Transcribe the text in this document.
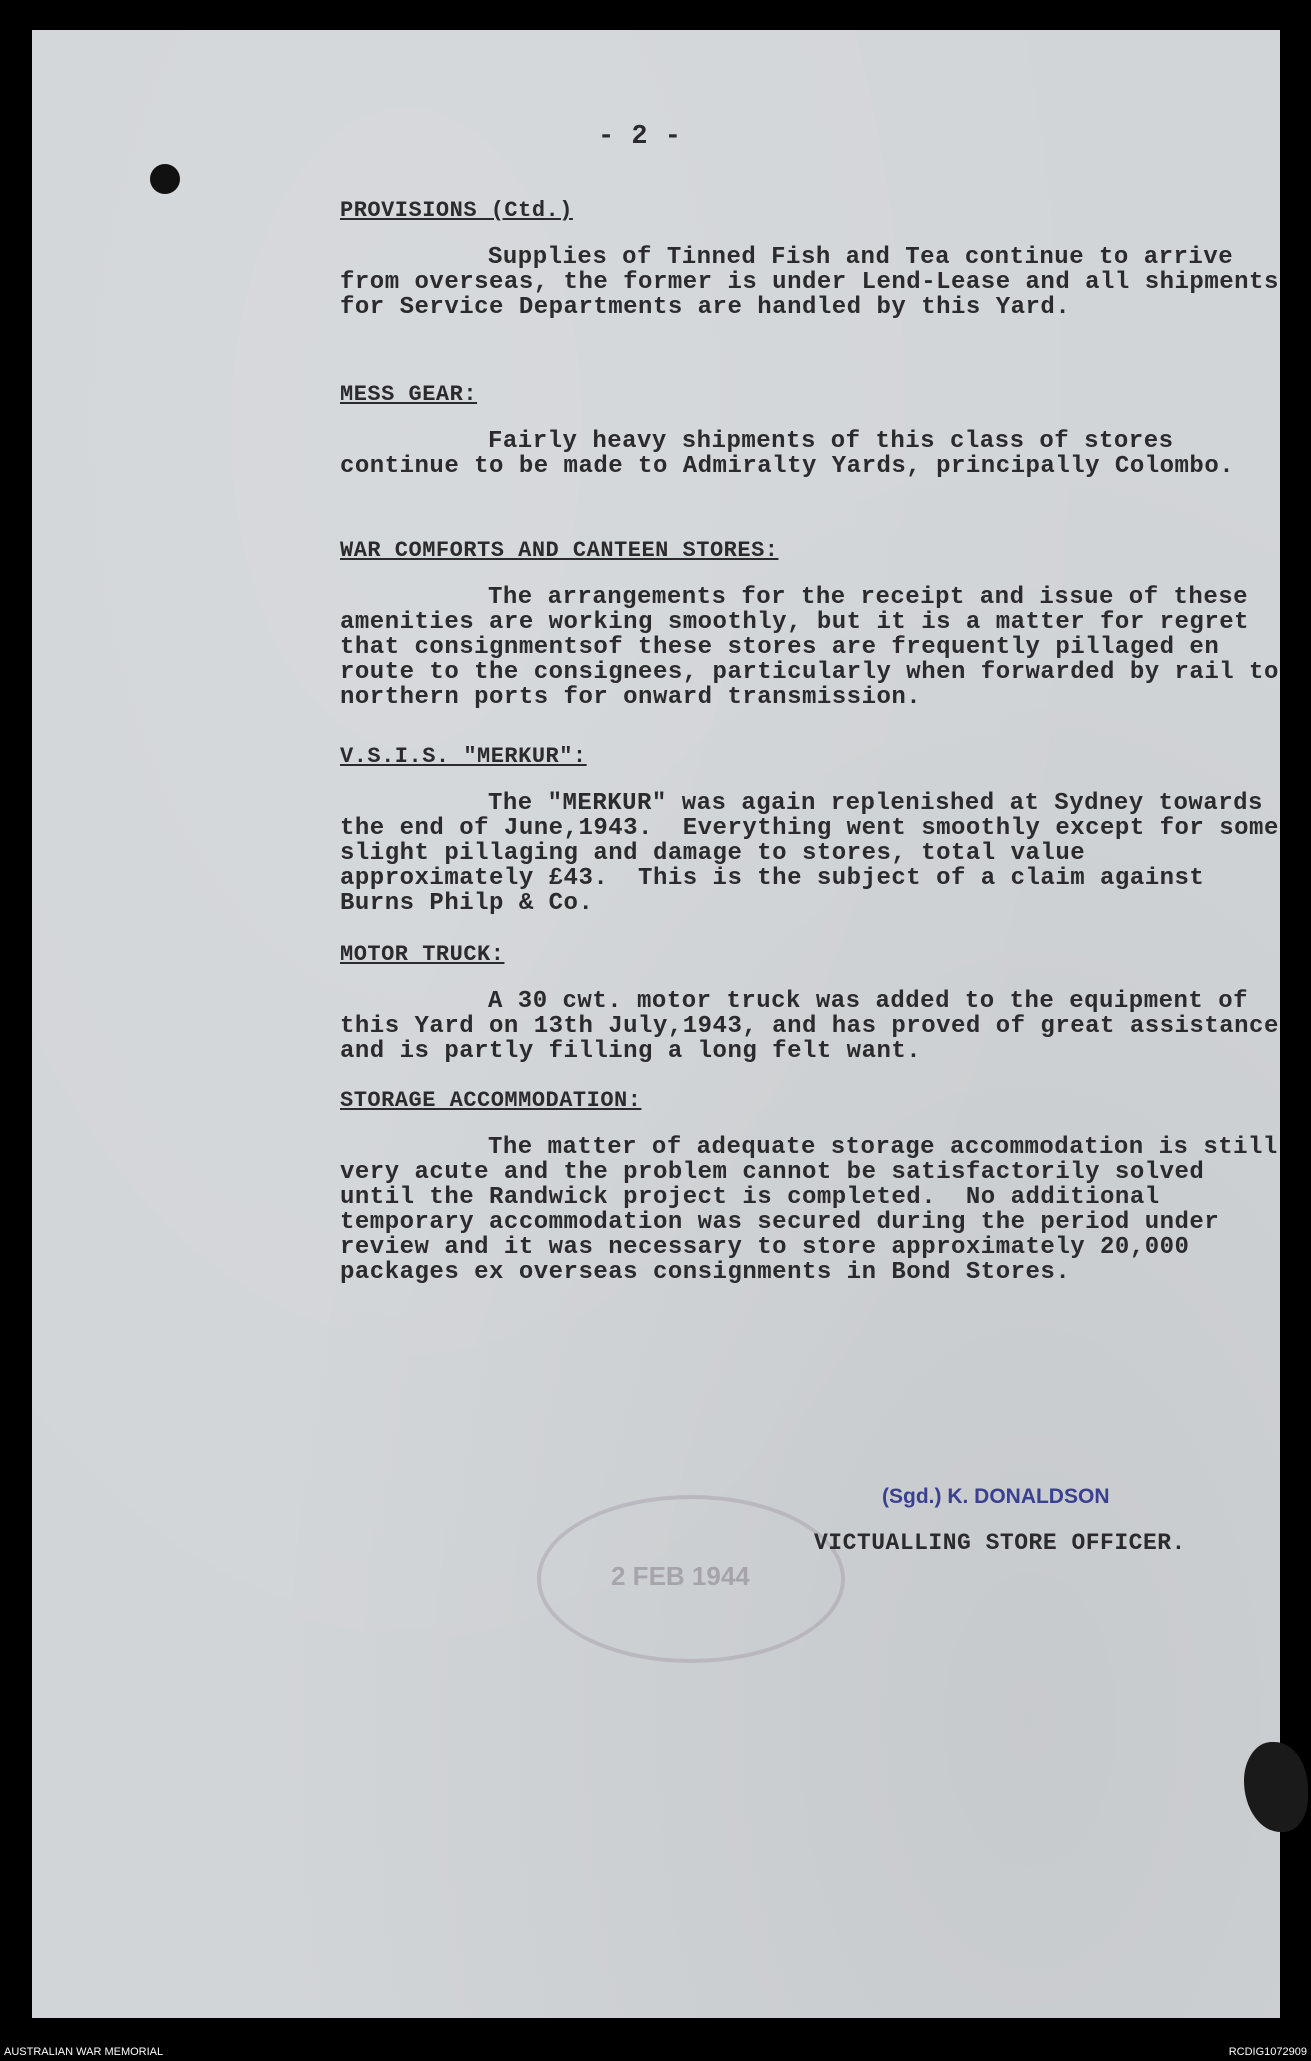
- 2 -
PROVISIONS (Ctd.)

Supplies of Tinned Fish and Tea continue to arrive from overseas, the former is under Lend-Lease and all shipments for Service Departments are handled by this Yard.

MESS GEAR:

Fairly heavy shipments of this class of stores continue to be made to Admiralty Yards, principally Colombo.

WAR COMFORTS AND CANTEEN STORES:

The arrangements for the receipt and issue of these amenities are working smoothly, but it is a matter for regret that consignmentsof these stores are frequently pillaged en route to the consignees, particularly when forwarded by rail to northern ports for onward transmission.

V.S.I.S. "MERKUR":

The "MERKUR" was again replenished at Sydney towards the end of June,1943.  Everything went smoothly except for some slight pillaging and damage to stores, total value approximately £43.  This is the subject of a claim against Burns Philp & Co.

MOTOR TRUCK:

A 30 cwt. motor truck was added to the equipment of this Yard on 13th July,1943, and has proved of great assistance and is partly filling a long felt want.

STORAGE ACCOMMODATION:

The matter of adequate storage accommodation is still very acute and the problem cannot be satisfactorily solved until the Randwick project is completed.  No additional temporary accommodation was secured during the period under review and it was necessary to store approximately 20,000 packages ex overseas consignments in Bond Stores.

2 FEB 1944
(Sgd.) K. DONALDSON
VICTUALLING STORE OFFICER.
AUSTRALIAN WAR MEMORIAL	RCDIG1072909
